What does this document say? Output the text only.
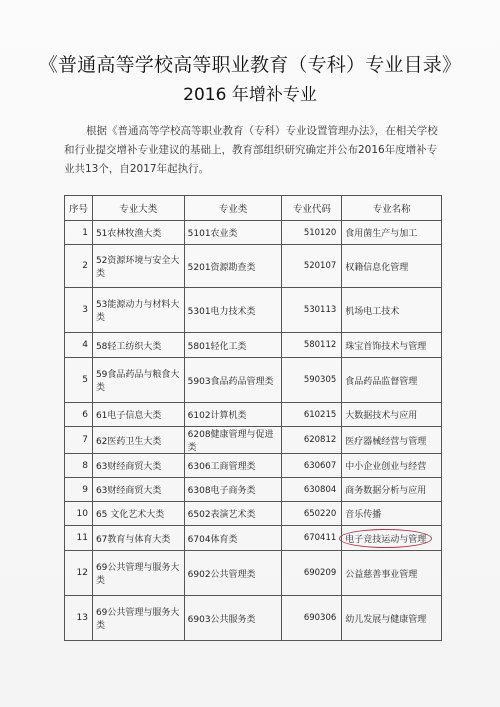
《普通高等学校高等职业教育（专科）专业目录》
2016 年增补专业
根据《普通高等学校高等职业教育（专科）专业设置管理办法》，在相关学校和行业提交增补专业建议的基础上，教育部组织研究确定并公布2016年度增补专业共13个，自2017年起执行。
序号	专业大类	专业类	专业代码	专业名称
1	51农林牧渔大类	5101农业类	510120	食用菌生产与加工
2	52资源环境与安全大类	5201资源勘查类	520107	权籍信息化管理
3	53能源动力与材料大类	5301电力技术类	530113	机场电工技术
4	58轻工纺织大类	5801轻化工类	580112	珠宝首饰技术与管理
5	59食品药品与粮食大类	5903食品药品管理类	590305	食品药品监督管理
6	61电子信息大类	6102计算机类	610215	大数据技术与应用
7	62医药卫生大类	6208健康管理与促进类	620812	医疗器械经营与管理
8	63财经商贸大类	6306工商管理类	630607	中小企业创业与经营
9	63财经商贸大类	6308电子商务类	630804	商务数据分析与应用
10	65 文化艺术大类	6502表演艺术类	650220	音乐传播
11	67教育与体育大类	6704体育类	670411	电子竞技运动与管理
12	69公共管理与服务大类	6902公共管理类	690209	公益慈善事业管理
13	69公共管理与服务大类	6903公共服务类	690306	幼儿发展与健康管理
